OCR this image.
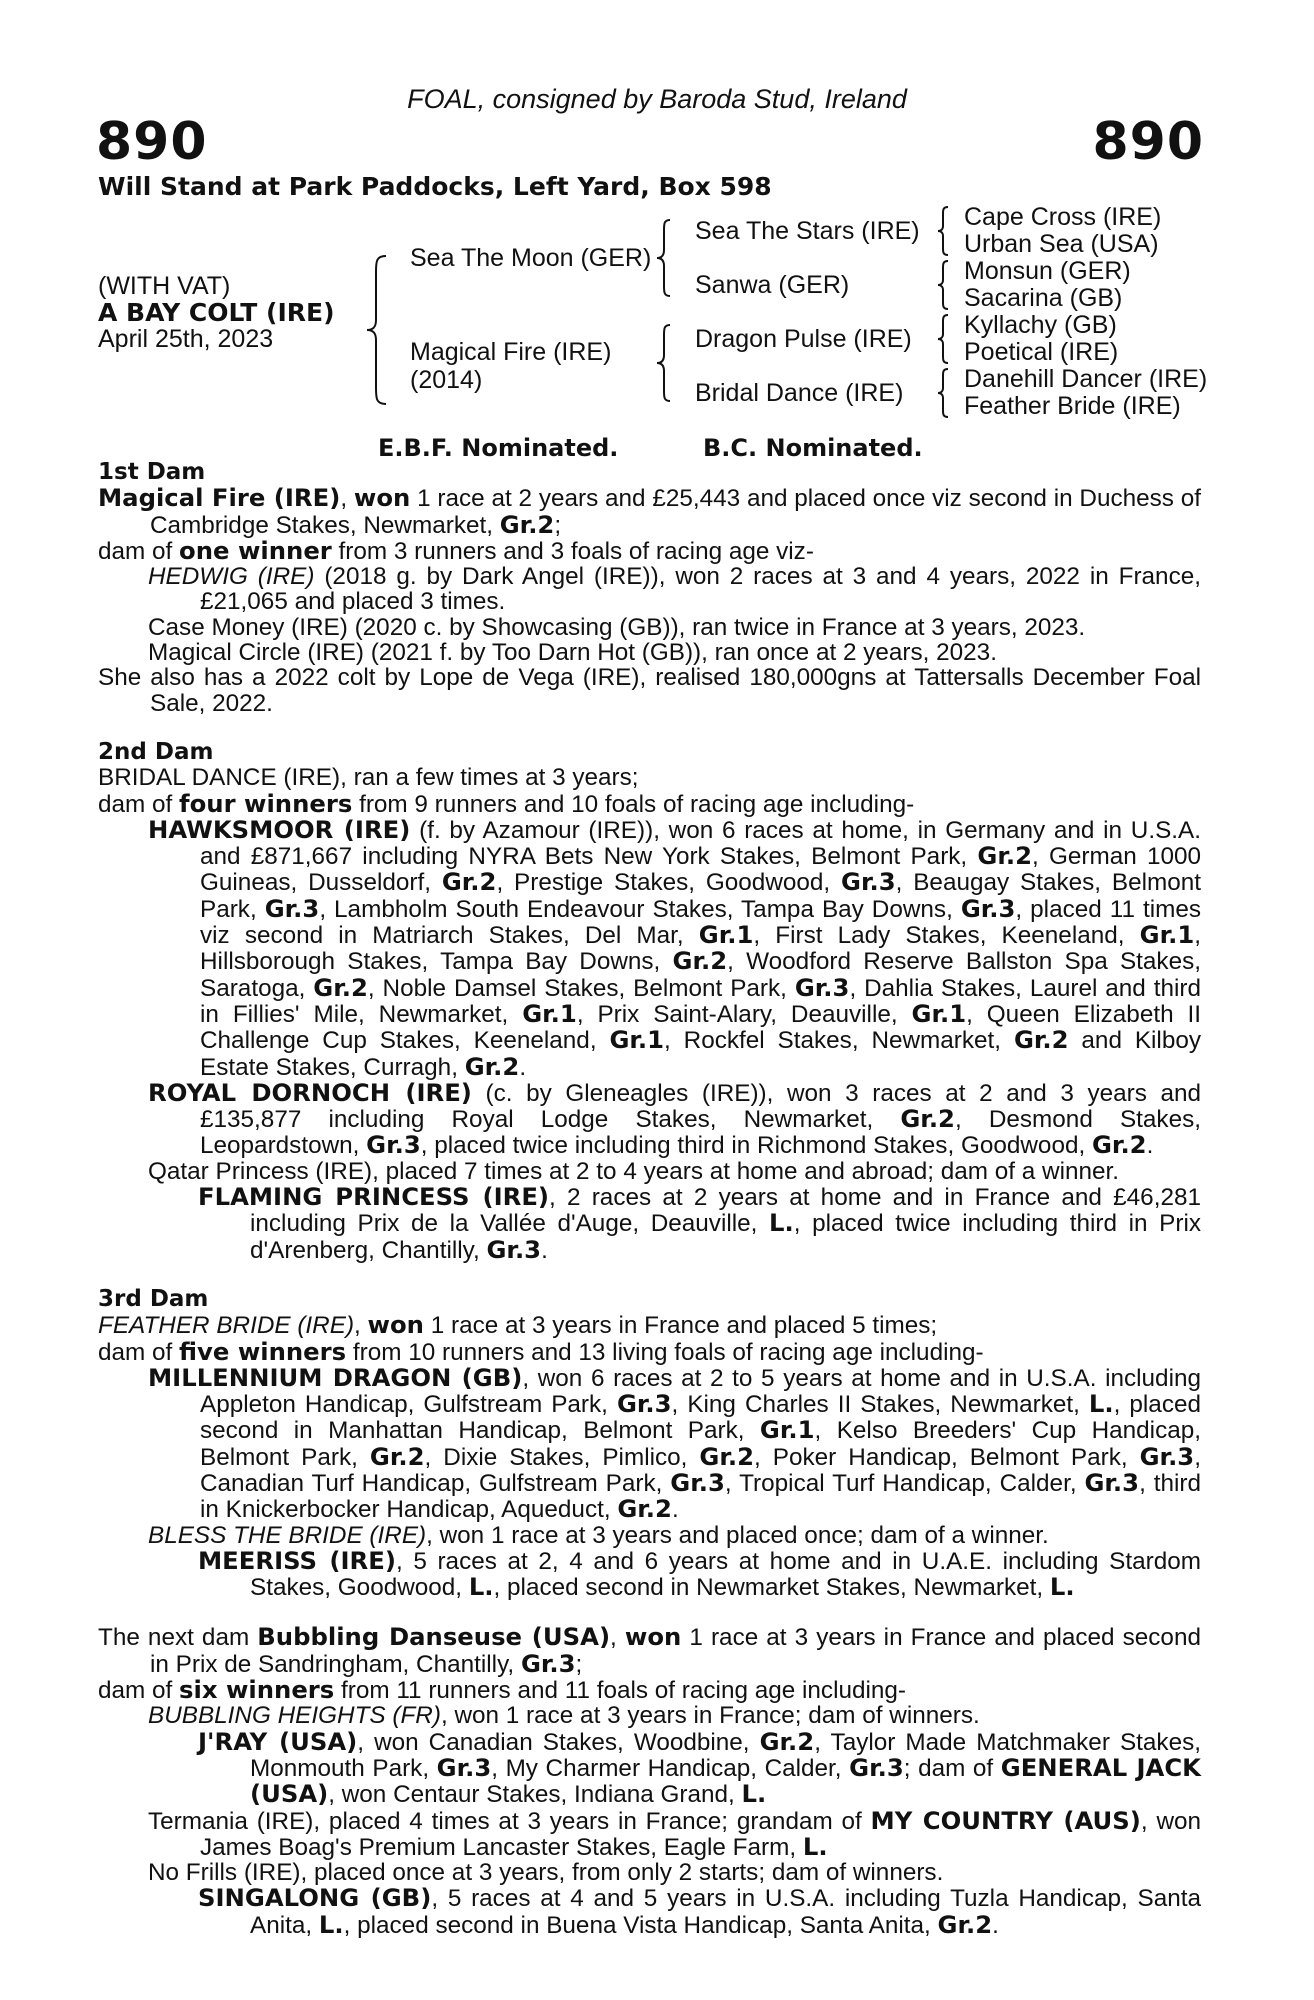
FOAL, consigned by Baroda Stud, Ireland
890	890
Will Stand at Park Paddocks, Left Yard, Box 598
(WITH VAT)
A BAY COLT (IRE)
April 25th, 2023
Sea The Moon (GER)
Magical Fire (IRE)
(2014)
Sea The Stars (IRE)
Sanwa (GER)
Dragon Pulse (IRE)
Bridal Dance (IRE)
Cape Cross (IRE)
Urban Sea (USA)
Monsun (GER)
Sacarina (GB)
Kyllachy (GB)
Poetical (IRE)
Danehill Dancer (IRE)
Feather Bride (IRE)
E.B.F. Nominated.	B.C. Nominated.

1st Dam

Magical Fire (IRE), won 1 race at 2 years and £25,443 and placed once viz second in Duchess of Cambridge Stakes, Newmarket, Gr.2;

dam of one winner from 3 runners and 3 foals of racing age viz-

HEDWIG (IRE) (2018 g. by Dark Angel (IRE)), won 2 races at 3 and 4 years, 2022 in France, £21,065 and placed 3 times.

Case Money (IRE) (2020 c. by Showcasing (GB)), ran twice in France at 3 years, 2023.

Magical Circle (IRE) (2021 f. by Too Darn Hot (GB)), ran once at 2 years, 2023.

She also has a 2022 colt by Lope de Vega (IRE), realised 180,000gns at Tattersalls December Foal Sale, 2022.

2nd Dam

BRIDAL DANCE (IRE), ran a few times at 3 years;

dam of four winners from 9 runners and 10 foals of racing age including-

HAWKSMOOR (IRE) (f. by Azamour (IRE)), won 6 races at home, in Germany and in U.S.A. and £871,667 including NYRA Bets New York Stakes, Belmont Park, Gr.2, German 1000 Guineas, Dusseldorf, Gr.2, Prestige Stakes, Goodwood, Gr.3, Beaugay Stakes, Belmont Park, Gr.3, Lambholm South Endeavour Stakes, Tampa Bay Downs, Gr.3, placed 11 times viz second in Matriarch Stakes, Del Mar, Gr.1, First Lady Stakes, Keeneland, Gr.1, Hillsborough Stakes, Tampa Bay Downs, Gr.2, Woodford Reserve Ballston Spa Stakes, Saratoga, Gr.2, Noble Damsel Stakes, Belmont Park, Gr.3, Dahlia Stakes, Laurel and third in Fillies' Mile, Newmarket, Gr.1, Prix Saint-Alary, Deauville, Gr.1, Queen Elizabeth II Challenge Cup Stakes, Keeneland, Gr.1, Rockfel Stakes, Newmarket, Gr.2 and Kilboy Estate Stakes, Curragh, Gr.2.

ROYAL DORNOCH (IRE) (c. by Gleneagles (IRE)), won 3 races at 2 and 3 years and £135,877 including Royal Lodge Stakes, Newmarket, Gr.2, Desmond Stakes, Leopardstown, Gr.3, placed twice including third in Richmond Stakes, Goodwood, Gr.2.

Qatar Princess (IRE), placed 7 times at 2 to 4 years at home and abroad; dam of a winner.

FLAMING PRINCESS (IRE), 2 races at 2 years at home and in France and £46,281 including Prix de la Vallée d'Auge, Deauville, L., placed twice including third in Prix d'Arenberg, Chantilly, Gr.3.

3rd Dam

FEATHER BRIDE (IRE), won 1 race at 3 years in France and placed 5 times;

dam of five winners from 10 runners and 13 living foals of racing age including-

MILLENNIUM DRAGON (GB), won 6 races at 2 to 5 years at home and in U.S.A. including Appleton Handicap, Gulfstream Park, Gr.3, King Charles II Stakes, Newmarket, L., placed second in Manhattan Handicap, Belmont Park, Gr.1, Kelso Breeders' Cup Handicap, Belmont Park, Gr.2, Dixie Stakes, Pimlico, Gr.2, Poker Handicap, Belmont Park, Gr.3, Canadian Turf Handicap, Gulfstream Park, Gr.3, Tropical Turf Handicap, Calder, Gr.3, third in Knickerbocker Handicap, Aqueduct, Gr.2.

BLESS THE BRIDE (IRE), won 1 race at 3 years and placed once; dam of a winner.

MEERISS (IRE), 5 races at 2, 4 and 6 years at home and in U.A.E. including Stardom Stakes, Goodwood, L., placed second in Newmarket Stakes, Newmarket, L.

The next dam Bubbling Danseuse (USA), won 1 race at 3 years in France and placed second in Prix de Sandringham, Chantilly, Gr.3;

dam of six winners from 11 runners and 11 foals of racing age including-

BUBBLING HEIGHTS (FR), won 1 race at 3 years in France; dam of winners.

J'RAY (USA), won Canadian Stakes, Woodbine, Gr.2, Taylor Made Matchmaker Stakes, Monmouth Park, Gr.3, My Charmer Handicap, Calder, Gr.3; dam of GENERAL JACK (USA), won Centaur Stakes, Indiana Grand, L.

Termania (IRE), placed 4 times at 3 years in France; grandam of MY COUNTRY (AUS), won James Boag's Premium Lancaster Stakes, Eagle Farm, L.

No Frills (IRE), placed once at 3 years, from only 2 starts; dam of winners.

SINGALONG (GB), 5 races at 4 and 5 years in U.S.A. including Tuzla Handicap, Santa Anita, L., placed second in Buena Vista Handicap, Santa Anita, Gr.2.
